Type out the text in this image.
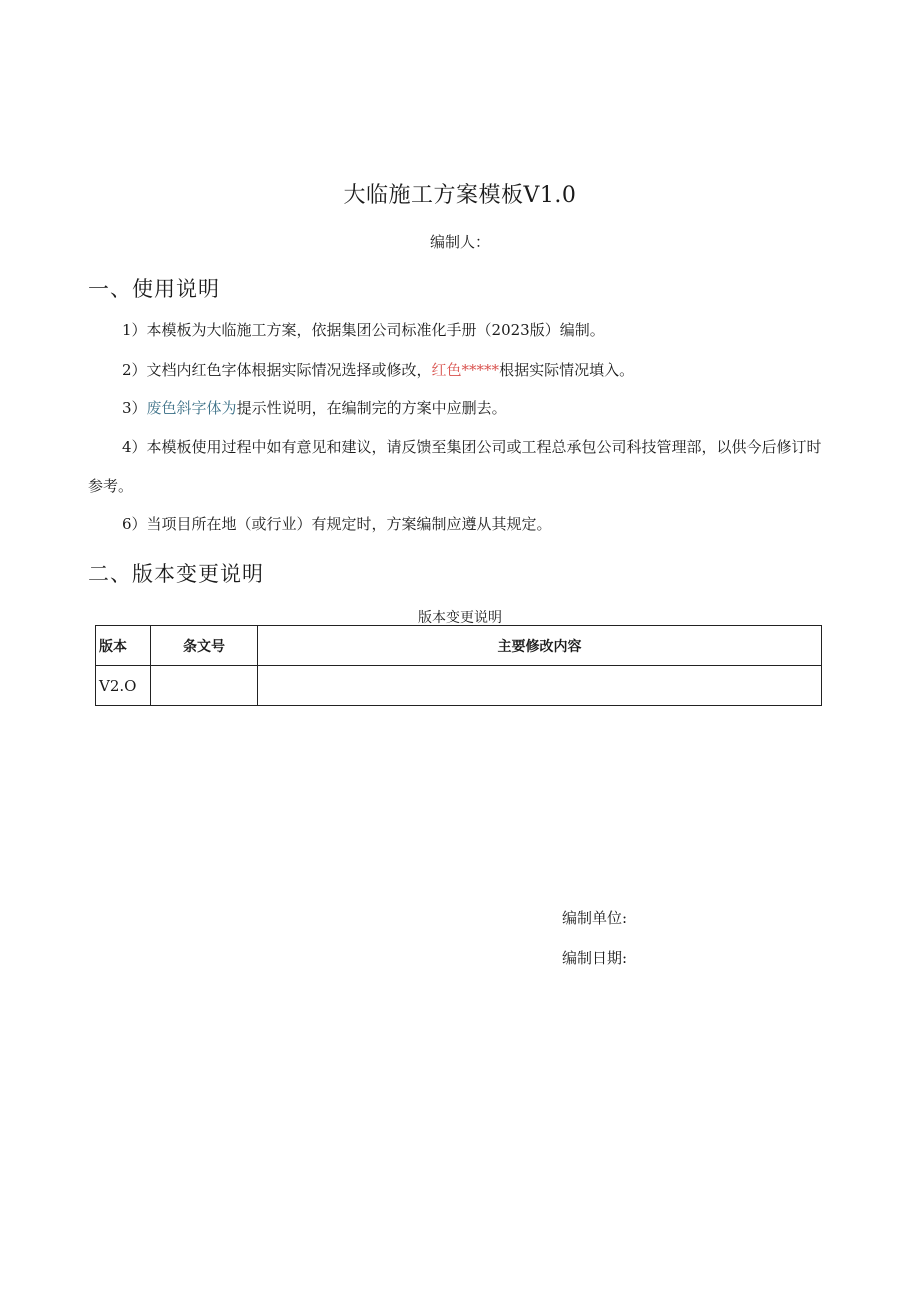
大临施工方案模板V1.0
编制人：
一、使用说明
1）本模板为大临施工方案，依据集团公司标准化手册（2023版）编制。
2）文档内红色字体根据实际情况选择或修改，红色*****根据实际情况填入。
3）废色斜字体为提示性说明，在编制完的方案中应删去。
4）本模板使用过程中如有意见和建议，请反馈至集团公司或工程总承包公司科技管理部，以供今后修订时
参考。
6）当项目所在地（或行业）有规定时，方案编制应遵从其规定。
二、版本变更说明
版本变更说明
版本	条文号	主要修改内容
V2.O		
编制单位:
编制日期:
